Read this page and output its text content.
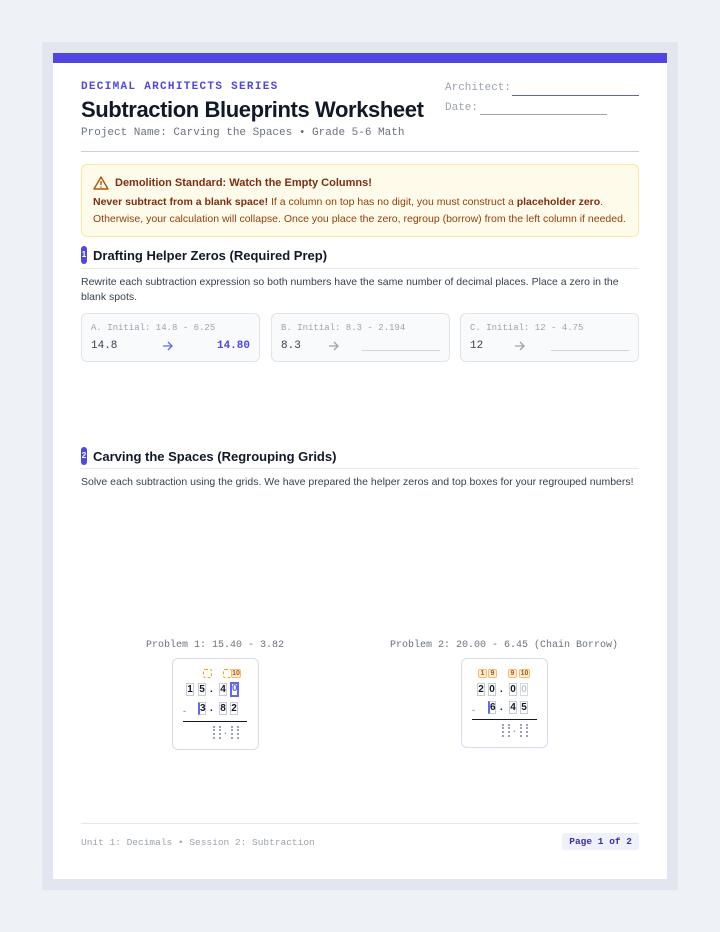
DECIMAL ARCHITECTS SERIES
Subtraction Blueprints Worksheet
Project Name: Carving the Spaces • Grade 5-6 Math
Architect:
Date:
Demolition Standard: Watch the Empty Columns!
Never subtract from a blank space! If a column on top has no digit, you must construct a placeholder zero.
Otherwise, your calculation will collapse. Once you place the zero, regroup (borrow) from the left column if needed.
1 Drafting Helper Zeros (Required Prep)
Rewrite each subtraction expression so both numbers have the same number of decimal places. Place a zero in the blank spots.
A. Initial: 14.8 - 6.25
14.8	14.80
B. Initial: 8.3 - 2.194
8.3
C. Initial: 12 - 4.75
12
2 Carving the Spaces (Regrouping Grids)
Solve each subtraction using the grids. We have prepared the helper zeros and top boxes for your regrouped numbers!
Problem 1: 15.40 - 3.82
10
1 5 . 4 0
- 3 . 8 2
.
Problem 2: 20.00 - 6.45 (Chain Borrow)
1 9	9 10
2 0 . 0 0
- 6 . 4 5
.
Unit 1: Decimals • Session 2: Subtraction	Page 1 of 2
